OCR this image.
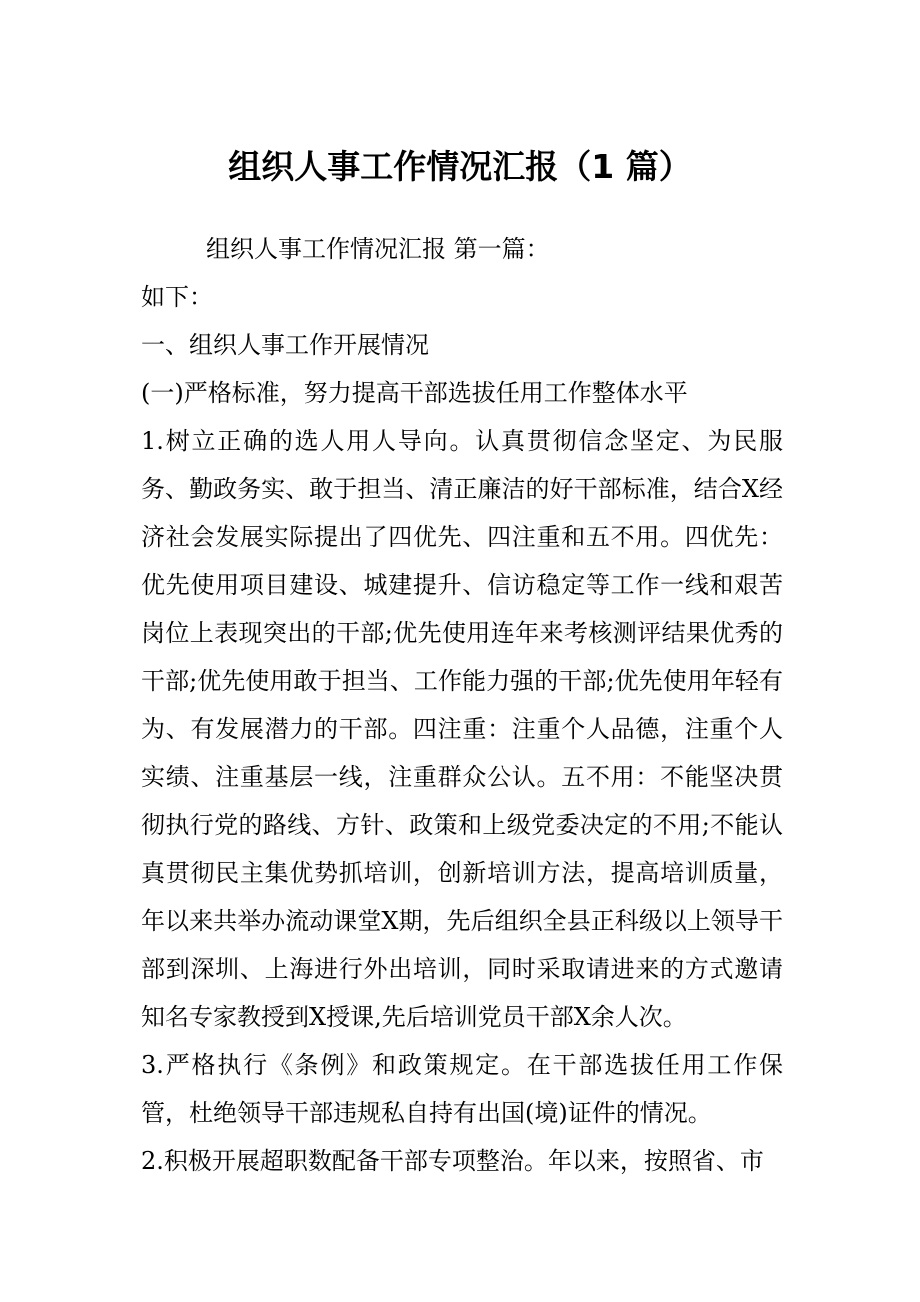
组织人事工作情况汇报（1 篇）

组织人事工作情况汇报 第一篇：

如下：

一、组织人事工作开展情况

(一)严格标准，努力提高干部选拔任用工作整体水平

1.树立正确的选人用人导向。认真贯彻信念坚定、为民服务、勤政务实、敢于担当、清正廉洁的好干部标准，结合X经济社会发展实际提出了四优先、四注重和五不用。四优先：优先使用项目建设、城建提升、信访稳定等工作一线和艰苦岗位上表现突出的干部;优先使用连年来考核测评结果优秀的干部;优先使用敢于担当、工作能力强的干部;优先使用年轻有为、有发展潜力的干部。四注重：注重个人品德，注重个人实绩、注重基层一线，注重群众公认。五不用：不能坚决贯彻执行党的路线、方针、政策和上级党委决定的不用;不能认真贯彻民主集优势抓培训，创新培训方法，提高培训质量，年以来共举办流动课堂X期，先后组织全县正科级以上领导干部到深圳、上海进行外出培训，同时采取请进来的方式邀请知名专家教授到X授课,先后培训党员干部X余人次。

3.严格执行《条例》和政策规定。在干部选拔任用工作保管，杜绝领导干部违规私自持有出国(境)证件的情况。

2.积极开展超职数配备干部专项整治。年以来，按照省、市
